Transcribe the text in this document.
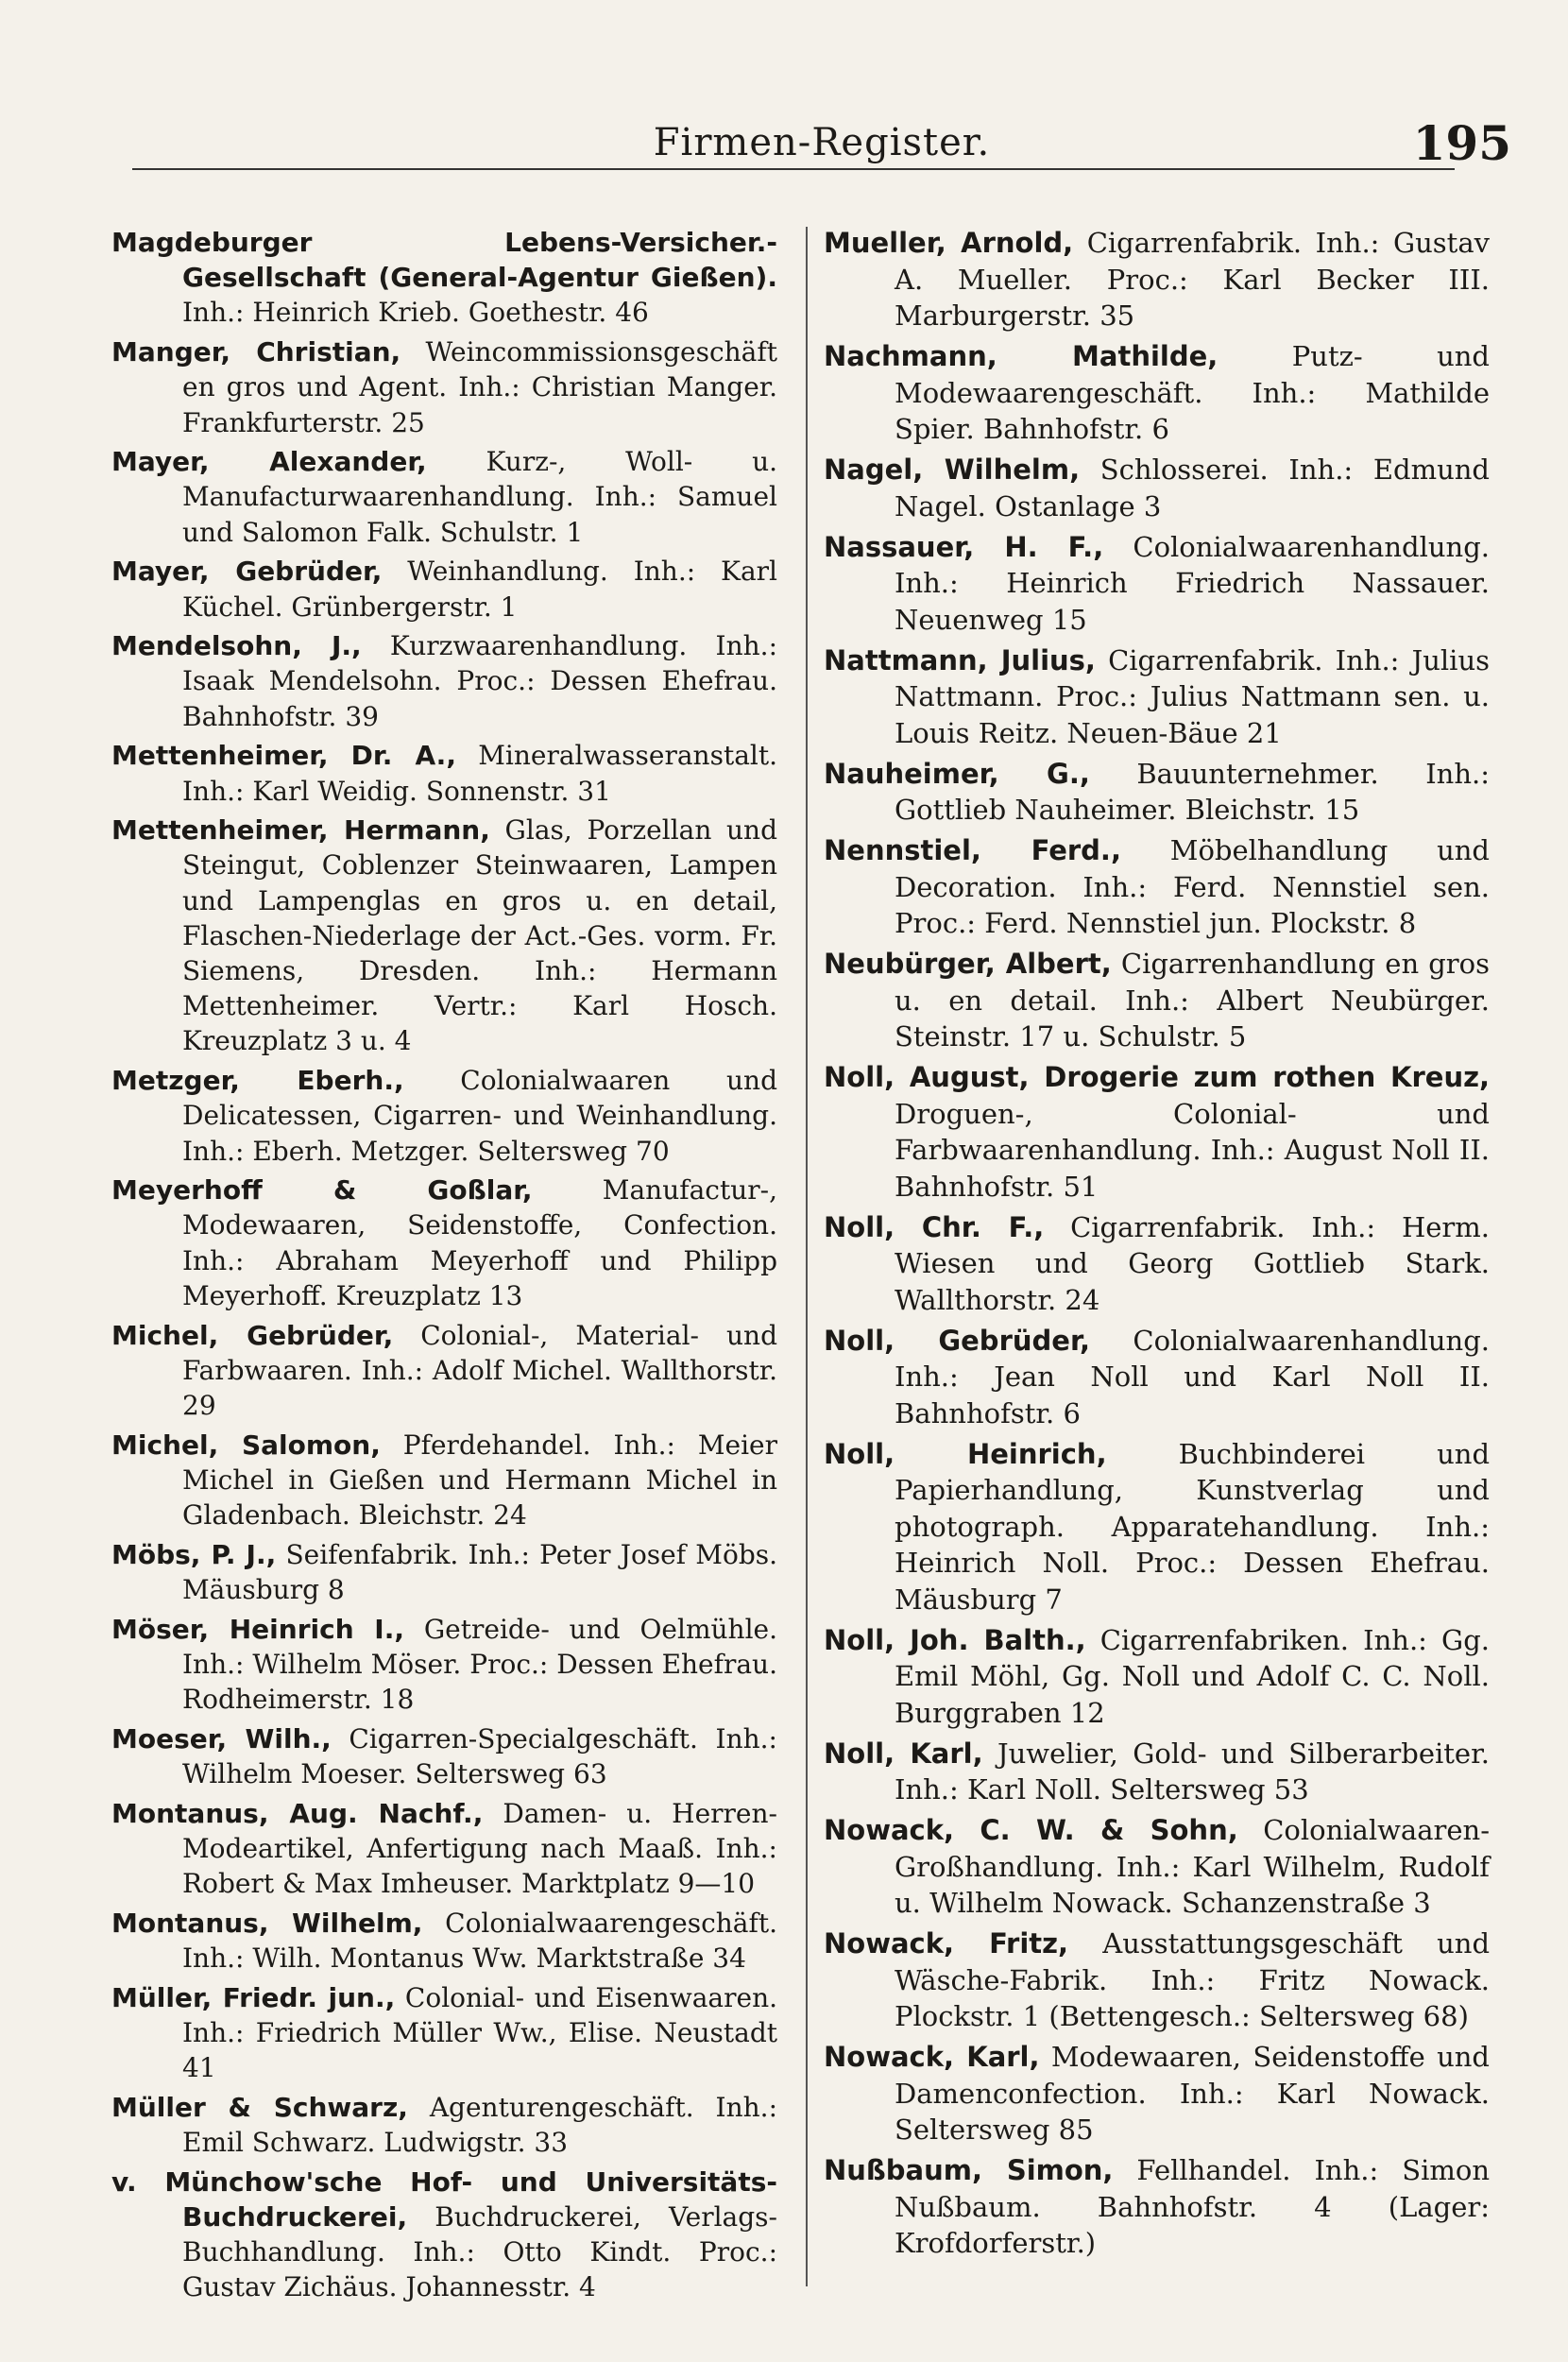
Firmen-Register.	195

Magdeburger Lebens-Versicher.-Gesellschaft (General-Agentur Gießen). Inh.: Heinrich Krieb. Goethestr. 46

Manger, Christian, Weincommissionsgeschäft en gros und Agent. Inh.: Christian Manger. Frankfurterstr. 25

Mayer, Alexander, Kurz-, Woll- u. Manufacturwaarenhandlung. Inh.: Samuel und Salomon Falk. Schulstr. 1

Mayer, Gebrüder, Weinhandlung. Inh.: Karl Küchel. Grünbergerstr. 1

Mendelsohn, J., Kurzwaarenhandlung. Inh.: Isaak Mendelsohn. Proc.: Dessen Ehefrau. Bahnhofstr. 39

Mettenheimer, Dr. A., Mineralwasseranstalt. Inh.: Karl Weidig. Sonnenstr. 31

Mettenheimer, Hermann, Glas, Porzellan und Steingut, Coblenzer Steinwaaren, Lampen und Lampenglas en gros u. en detail, Flaschen-Niederlage der Act.-Ges. vorm. Fr. Siemens, Dresden. Inh.: Hermann Mettenheimer. Vertr.: Karl Hosch. Kreuzplatz 3 u. 4

Metzger, Eberh., Colonialwaaren und Delicatessen, Cigarren- und Weinhandlung. Inh.: Eberh. Metzger. Seltersweg 70

Meyerhoff & Goßlar,	Manufactur-, Modewaaren, Seidenstoffe, Confection. Inh.: Abraham Meyerhoff und Philipp Meyerhoff. Kreuzplatz 13

Michel, Gebrüder, Colonial-, Material- und Farbwaaren. Inh.: Adolf Michel. Wallthorstr. 29

Michel, Salomon, Pferdehandel. Inh.: Meier Michel in Gießen und Hermann Michel in Gladenbach. Bleichstr. 24

Möbs, P. J., Seifenfabrik. Inh.: Peter Josef Möbs. Mäusburg 8

Möser, Heinrich I., Getreide- und Oelmühle. Inh.: Wilhelm Möser. Proc.: Dessen Ehefrau. Rodheimerstr. 18

Moeser, Wilh., Cigarren-Specialgeschäft. Inh.: Wilhelm Moeser. Seltersweg 63

Montanus, Aug. Nachf., Damen- u. Herren-Modeartikel, Anfertigung nach Maaß. Inh.: Robert & Max Imheuser. Marktplatz 9—10

Montanus, Wilhelm, Colonialwaarengeschäft. Inh.: Wilh. Montanus Ww. Marktstraße 34

Müller, Friedr. jun., Colonial- und Eisenwaaren. Inh.: Friedrich Müller Ww., Elise. Neustadt 41

Müller & Schwarz, Agenturengeschäft. Inh.: Emil Schwarz. Ludwigstr. 33

v. Münchow'sche Hof- und Universitäts-Buchdruckerei, Buchdruckerei, Verlags-Buchhandlung. Inh.: Otto Kindt. Proc.: Gustav Zichäus. Johannesstr. 4

Mueller, Arnold, Cigarrenfabrik. Inh.: Gustav A. Mueller. Proc.: Karl Becker III. Marburgerstr. 35

Nachmann, Mathilde,	Putz- und Modewaarengeschäft. Inh.: Mathilde Spier. Bahnhofstr. 6

Nagel, Wilhelm, Schlosserei. Inh.: Edmund Nagel. Ostanlage 3

Nassauer, H. F., Colonialwaarenhandlung. Inh.: Heinrich Friedrich Nassauer. Neuenweg 15

Nattmann, Julius, Cigarrenfabrik. Inh.: Julius Nattmann. Proc.: Julius Nattmann sen. u. Louis Reitz. Neuen-Bäue 21

Nauheimer, G., Bauunternehmer. Inh.: Gottlieb Nauheimer. Bleichstr. 15

Nennstiel, Ferd., Möbelhandlung und Decoration. Inh.: Ferd. Nennstiel sen. Proc.: Ferd. Nennstiel jun. Plockstr. 8

Neubürger, Albert, Cigarrenhandlung en gros u. en detail. Inh.: Albert Neubürger. Steinstr. 17 u. Schulstr. 5

Noll, August, Drogerie zum rothen Kreuz, Droguen-, Colonial- und Farbwaarenhandlung. Inh.: August Noll II. Bahnhofstr. 51

Noll, Chr. F., Cigarrenfabrik. Inh.: Herm. Wiesen und Georg Gottlieb Stark. Wallthorstr. 24

Noll, Gebrüder, Colonialwaarenhandlung. Inh.: Jean Noll und Karl Noll II. Bahnhofstr. 6

Noll, Heinrich,	Buchbinderei und Papierhandlung, Kunstverlag und photograph. Apparatehandlung. Inh.: Heinrich Noll. Proc.: Dessen Ehefrau. Mäusburg 7

Noll, Joh. Balth., Cigarrenfabriken. Inh.: Gg. Emil Möhl, Gg. Noll und Adolf C. C. Noll. Burggraben 12

Noll, Karl, Juwelier, Gold- und Silberarbeiter. Inh.: Karl Noll. Seltersweg 53

Nowack, C. W. & Sohn, Colonialwaaren-Großhandlung. Inh.: Karl Wilhelm, Rudolf u. Wilhelm Nowack. Schanzenstraße 3

Nowack, Fritz, Ausstattungsgeschäft und Wäsche-Fabrik. Inh.: Fritz Nowack. Plockstr. 1 (Bettengesch.: Seltersweg 68)

Nowack, Karl, Modewaaren, Seidenstoffe und Damenconfection. Inh.: Karl Nowack. Seltersweg 85

Nußbaum, Simon, Fellhandel. Inh.: Simon Nußbaum. Bahnhofstr. 4 (Lager: Krofdorferstr.)
